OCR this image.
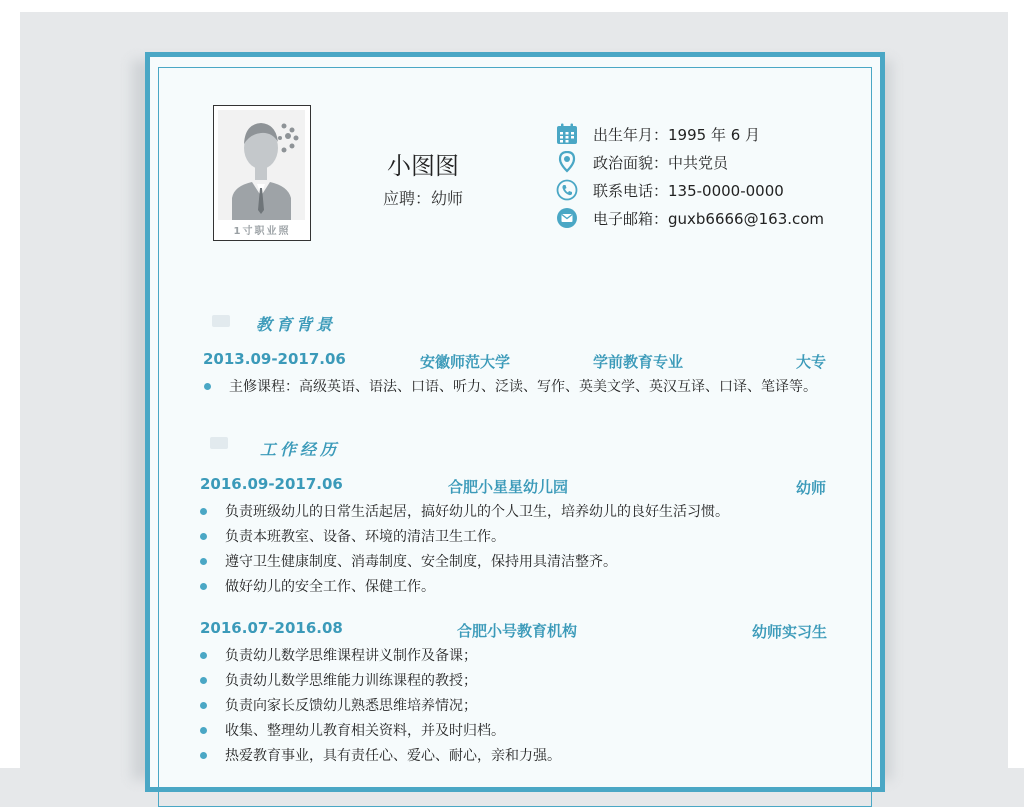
1寸职业照
小图图
应聘：幼师
出生年月：1995 年 6 月
政治面貌：中共党员
联系电话：135-0000-0000
电子邮箱：guxb6666@163.com
教育背景
2013.09-2017.06	安徽师范大学	学前教育专业	大专
主修课程：高级英语、语法、口语、听力、泛读、写作、英美文学、英汉互译、口译、笔译等。
工作经历
2016.09-2017.06	合肥小星星幼儿园	幼师
负责班级幼儿的日常生活起居，搞好幼儿的个人卫生，培养幼儿的良好生活习惯。
负责本班教室、设备、环境的清洁卫生工作。
遵守卫生健康制度、消毒制度、安全制度，保持用具清洁整齐。
做好幼儿的安全工作、保健工作。
2016.07-2016.08	合肥小号教育机构	幼师实习生
负责幼儿数学思维课程讲义制作及备课；
负责幼儿数学思维能力训练课程的教授；
负责向家长反馈幼儿熟悉思维培养情况；
收集、整理幼儿教育相关资料，并及时归档。
热爱教育事业，具有责任心、爱心、耐心，亲和力强。
